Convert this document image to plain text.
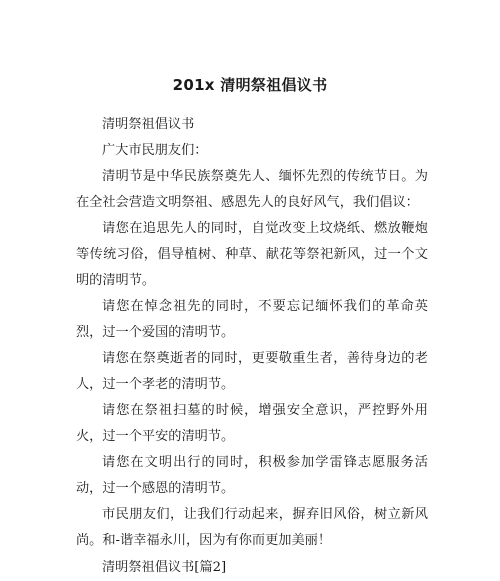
201x 清明祭祖倡议书

清明祭祖倡议书

广大市民朋友们：

清明节是中华民族祭奠先人、缅怀先烈的传统节日。为在全社会营造文明祭祖、感恩先人的良好风气，我们倡议：

请您在追思先人的同时，自觉改变上坟烧纸、燃放鞭炮等传统习俗，倡导植树、种草、献花等祭祀新风，过一个文明的清明节。

请您在悼念祖先的同时，不要忘记缅怀我们的革命英烈，过一个爱国的清明节。

请您在祭奠逝者的同时，更要敬重生者，善待身边的老人，过一个孝老的清明节。

请您在祭祖扫墓的时候，增强安全意识，严控野外用火，过一个平安的清明节。

请您在文明出行的同时，积极参加学雷锋志愿服务活动，过一个感恩的清明节。

市民朋友们，让我们行动起来，摒弃旧风俗，树立新风尚。和-谐幸福永川，因为有你而更加美丽！

清明祭祖倡议书[篇2]
